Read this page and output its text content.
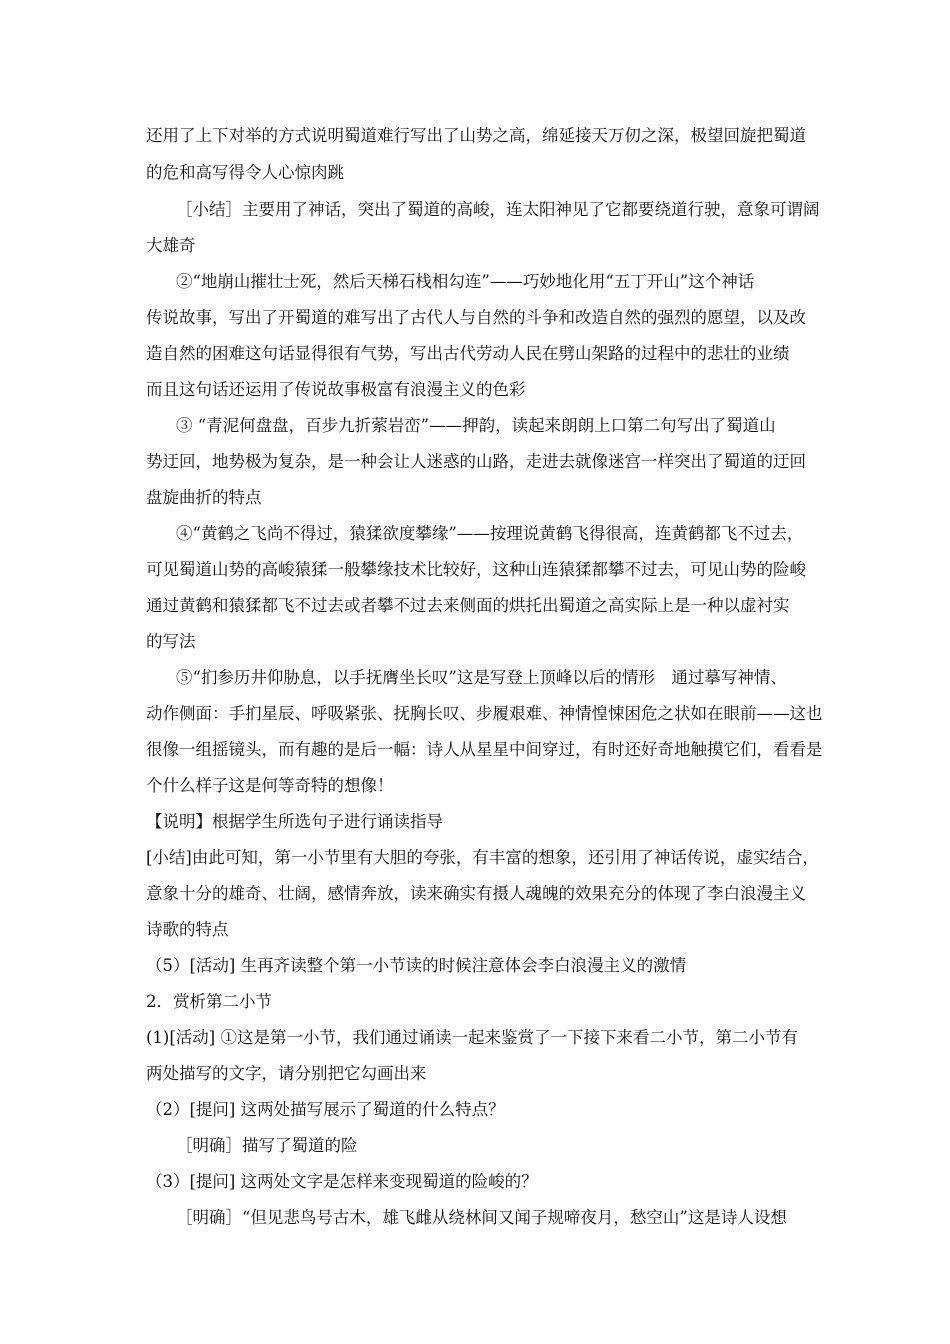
还用了上下对举的方式说明蜀道难行写出了山势之高，绵延接天万仞之深，极望回旋把蜀道
的危和高写得令人心惊肉跳
［小结］主要用了神话，突出了蜀道的高峻，连太阳神见了它都要绕道行驶，意象可谓阔
大雄奇
②“地崩山摧壮士死，然后天梯石栈相勾连”——巧妙地化用“五丁开山”这个神话
传说故事，写出了开蜀道的难写出了古代人与自然的斗争和改造自然的强烈的愿望，以及改
造自然的困难这句话显得很有气势，写出古代劳动人民在劈山架路的过程中的悲壮的业绩
而且这句话还运用了传说故事极富有浪漫主义的色彩
③ “青泥何盘盘，百步九折萦岩峦”——押韵，读起来朗朗上口第二句写出了蜀道山
势迂回，地势极为复杂，是一种会让人迷惑的山路，走进去就像迷宫一样突出了蜀道的迂回
盘旋曲折的特点
④“黄鹤之飞尚不得过，猿猱欲度攀缘”——按理说黄鹤飞得很高，连黄鹤都飞不过去，
可见蜀道山势的高峻猿猱一般攀缘技术比较好，这种山连猿猱都攀不过去，可见山势的险峻
通过黄鹤和猿猱都飞不过去或者攀不过去来侧面的烘托出蜀道之高实际上是一种以虚衬实
的写法
⑤“扪参历井仰胁息，以手抚膺坐长叹”这是写登上顶峰以后的情形　通过摹写神情、
动作侧面：手扪星辰、呼吸紧张、抚胸长叹、步履艰难、神情惶悚困危之状如在眼前——这也
很像一组摇镜头，而有趣的是后一幅：诗人从星星中间穿过，有时还好奇地触摸它们，看看是
个什么样子这是何等奇特的想像！
【说明】根据学生所选句子进行诵读指导
[小结]由此可知，第一小节里有大胆的夸张，有丰富的想象，还引用了神话传说，虚实结合，
意象十分的雄奇、壮阔，感情奔放，读来确实有摄人魂魄的效果充分的体现了李白浪漫主义
诗歌的特点
（5）[活动] 生再齐读整个第一小节读的时候注意体会李白浪漫主义的激情
2．赏析第二小节
(1)[活动] ①这是第一小节，我们通过诵读一起来鉴赏了一下接下来看二小节，第二小节有
两处描写的文字，请分别把它勾画出来
（2）[提问] 这两处描写展示了蜀道的什么特点？
［明确］描写了蜀道的险
（3）[提问] 这两处文字是怎样来变现蜀道的险峻的？
［明确］“但见悲鸟号古木，雄飞雌从绕林间又闻子规啼夜月，愁空山”这是诗人设想
